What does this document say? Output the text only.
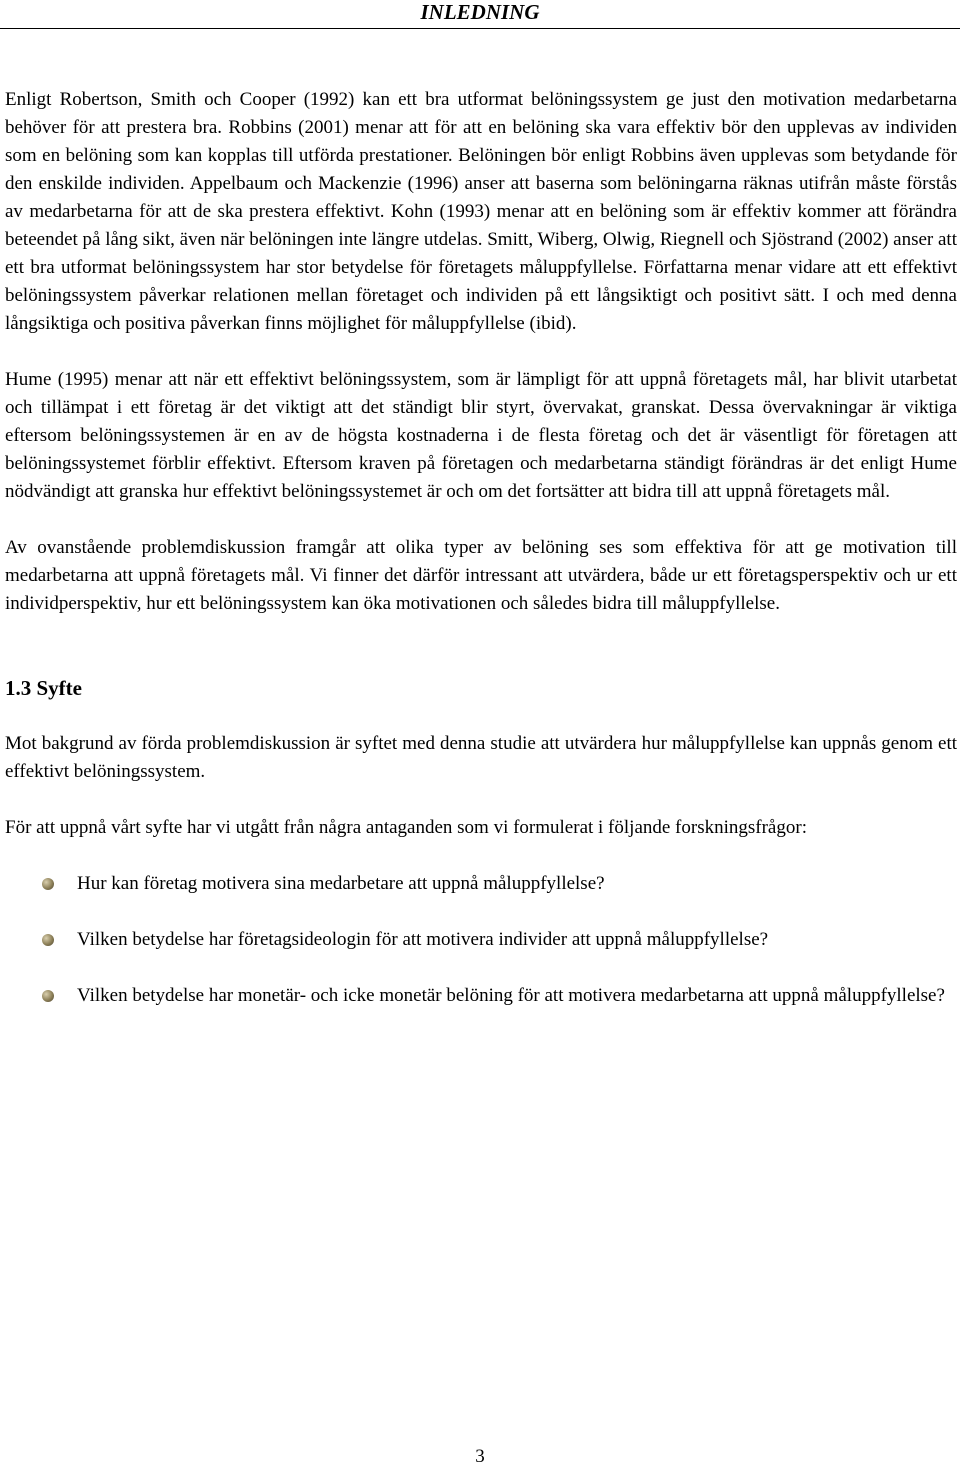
INLEDNING

Enligt Robertson, Smith och Cooper (1992) kan ett bra utformat belöningssystem ge just den motivation medarbetarna behöver för att prestera bra. Robbins (2001) menar att för att en belöning ska vara effektiv bör den upplevas av individen som en belöning som kan kopplas till utförda prestationer. Belöningen bör enligt Robbins även upplevas som betydande för den enskilde individen. Appelbaum och Mackenzie (1996) anser att baserna som belöningarna räknas utifrån måste förstås av medarbetarna för att de ska prestera effektivt. Kohn (1993) menar att en belöning som är effektiv kommer att förändra beteendet på lång sikt, även när belöningen inte längre utdelas. Smitt, Wiberg, Olwig, Riegnell och Sjöstrand (2002) anser att ett bra utformat belöningssystem har stor betydelse för företagets måluppfyllelse. Författarna menar vidare att ett effektivt belöningssystem påverkar relationen mellan företaget och individen på ett långsiktigt och positivt sätt. I och med denna långsiktiga och positiva påverkan finns möjlighet för måluppfyllelse (ibid).

Hume (1995) menar att när ett effektivt belöningssystem, som är lämpligt för att uppnå företagets mål, har blivit utarbetat och tillämpat i ett företag är det viktigt att det ständigt blir styrt, övervakat, granskat. Dessa övervakningar är viktiga eftersom belöningssystemen är en av de högsta kostnaderna i de flesta företag och det är väsentligt för företagen att belöningssystemet förblir effektivt. Eftersom kraven på företagen och medarbetarna ständigt förändras är det enligt Hume nödvändigt att granska hur effektivt belöningssystemet är och om det fortsätter att bidra till att uppnå företagets mål.

Av ovanstående problemdiskussion framgår att olika typer av belöning ses som effektiva för att ge motivation till medarbetarna att uppnå företagets mål. Vi finner det därför intressant att utvärdera, både ur ett företagsperspektiv och ur ett individperspektiv, hur ett belöningssystem kan öka motivationen och således bidra till måluppfyllelse.

1.3 Syfte

Mot bakgrund av förda problemdiskussion är syftet med denna studie att utvärdera hur måluppfyllelse kan uppnås genom ett effektivt belöningssystem.

För att uppnå vårt syfte har vi utgått från några antaganden som vi formulerat i följande forskningsfrågor:

Hur kan företag motivera sina medarbetare att uppnå måluppfyllelse?
Vilken betydelse har företagsideologin för att motivera individer att uppnå måluppfyllelse?
Vilken betydelse har monetär- och icke monetär belöning för att motivera medarbetarna att uppnå måluppfyllelse?
3
